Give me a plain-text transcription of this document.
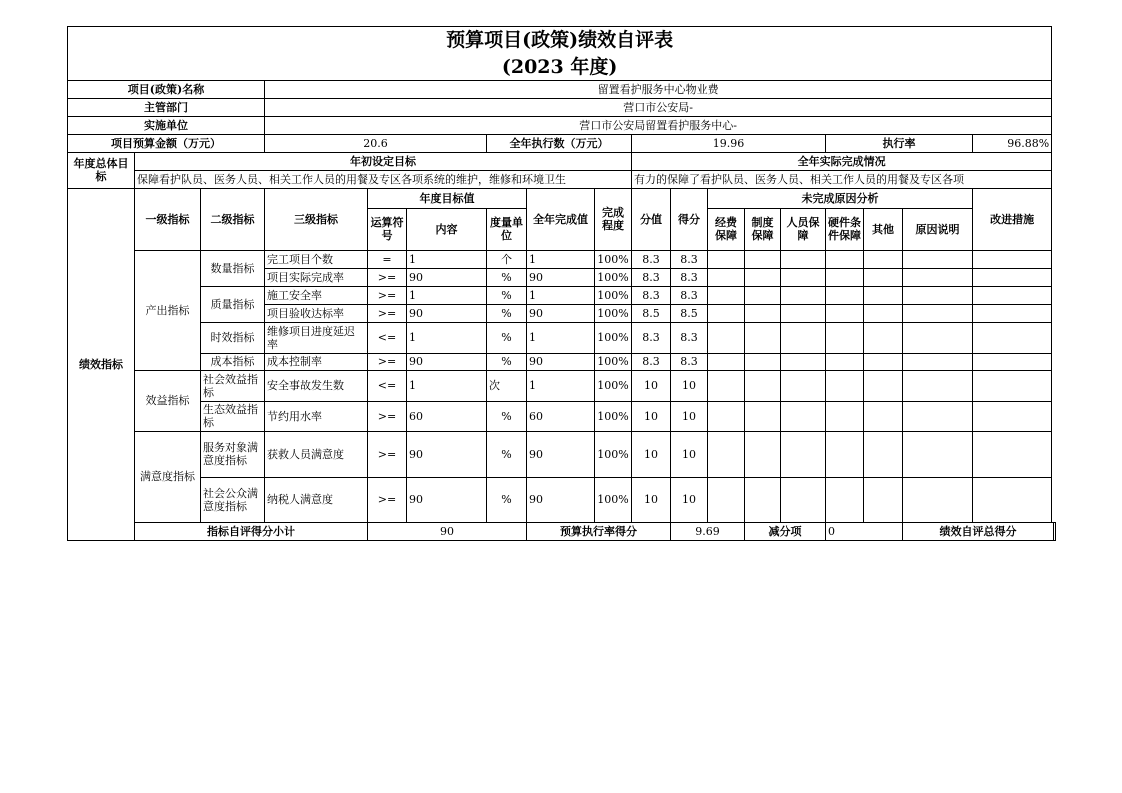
预算项目(政策)绩效自评表																		
(2023 年度)																		
项目(政策)名称			留置看护服务中心物业费															
主管部门			营口市公安局-															
实施单位			营口市公安局留置看护服务中心-															
项目预算金额（万元）			20.6			全年执行数（万元）			19.96					执行率			96.88%	
年度总体目标	年初设定目标								全年实际完成情况									
	保障看护队员、医务人员、相关工作人员的用餐及专区各项系统的维护，维修和环境卫生								有力的保障了看护队员、医务人员、相关工作人员的用餐及专区各项									
绩效指标	一级指标	二级指标	三级指标	年度目标值			全年完成值	完成程度	分值	得分	未完成原因分析						改进措施	
				运算符号	内容	度量单位					经费保障	制度保障	人员保障	硬件条件保障	其他	原因说明		
	产出指标	数量指标	完工项目个数	=	1	个	1	100%	8.3	8.3								
			项目实际完成率	>=	90	%	90	100%	8.3	8.3								
		质量指标	施工安全率	>=	1	%	1	100%	8.3	8.3								
			项目验收达标率	>=	90	%	90	100%	8.5	8.5								
		时效指标	维修项目进度延迟率	<=	1	%	1	100%	8.3	8.3								
		成本指标	成本控制率	>=	90	%	90	100%	8.3	8.3								
	效益指标	社会效益指标	安全事故发生数	<=	1	次	1	100%	10	10								

		生态效益指标	节约用水率	>=	60	%	60	100%	10	10								
	满意度指标	服务对象满意度指标	获救人员满意度	>=	90	%	90	100%	10	10								

		社会公众满意度指标	纳税人满意度	>=	90	%	90	100%	10	10								
	指标自评得分小计			90			预算执行率得分			9.69		减分项		0		绩效自评总得分	
